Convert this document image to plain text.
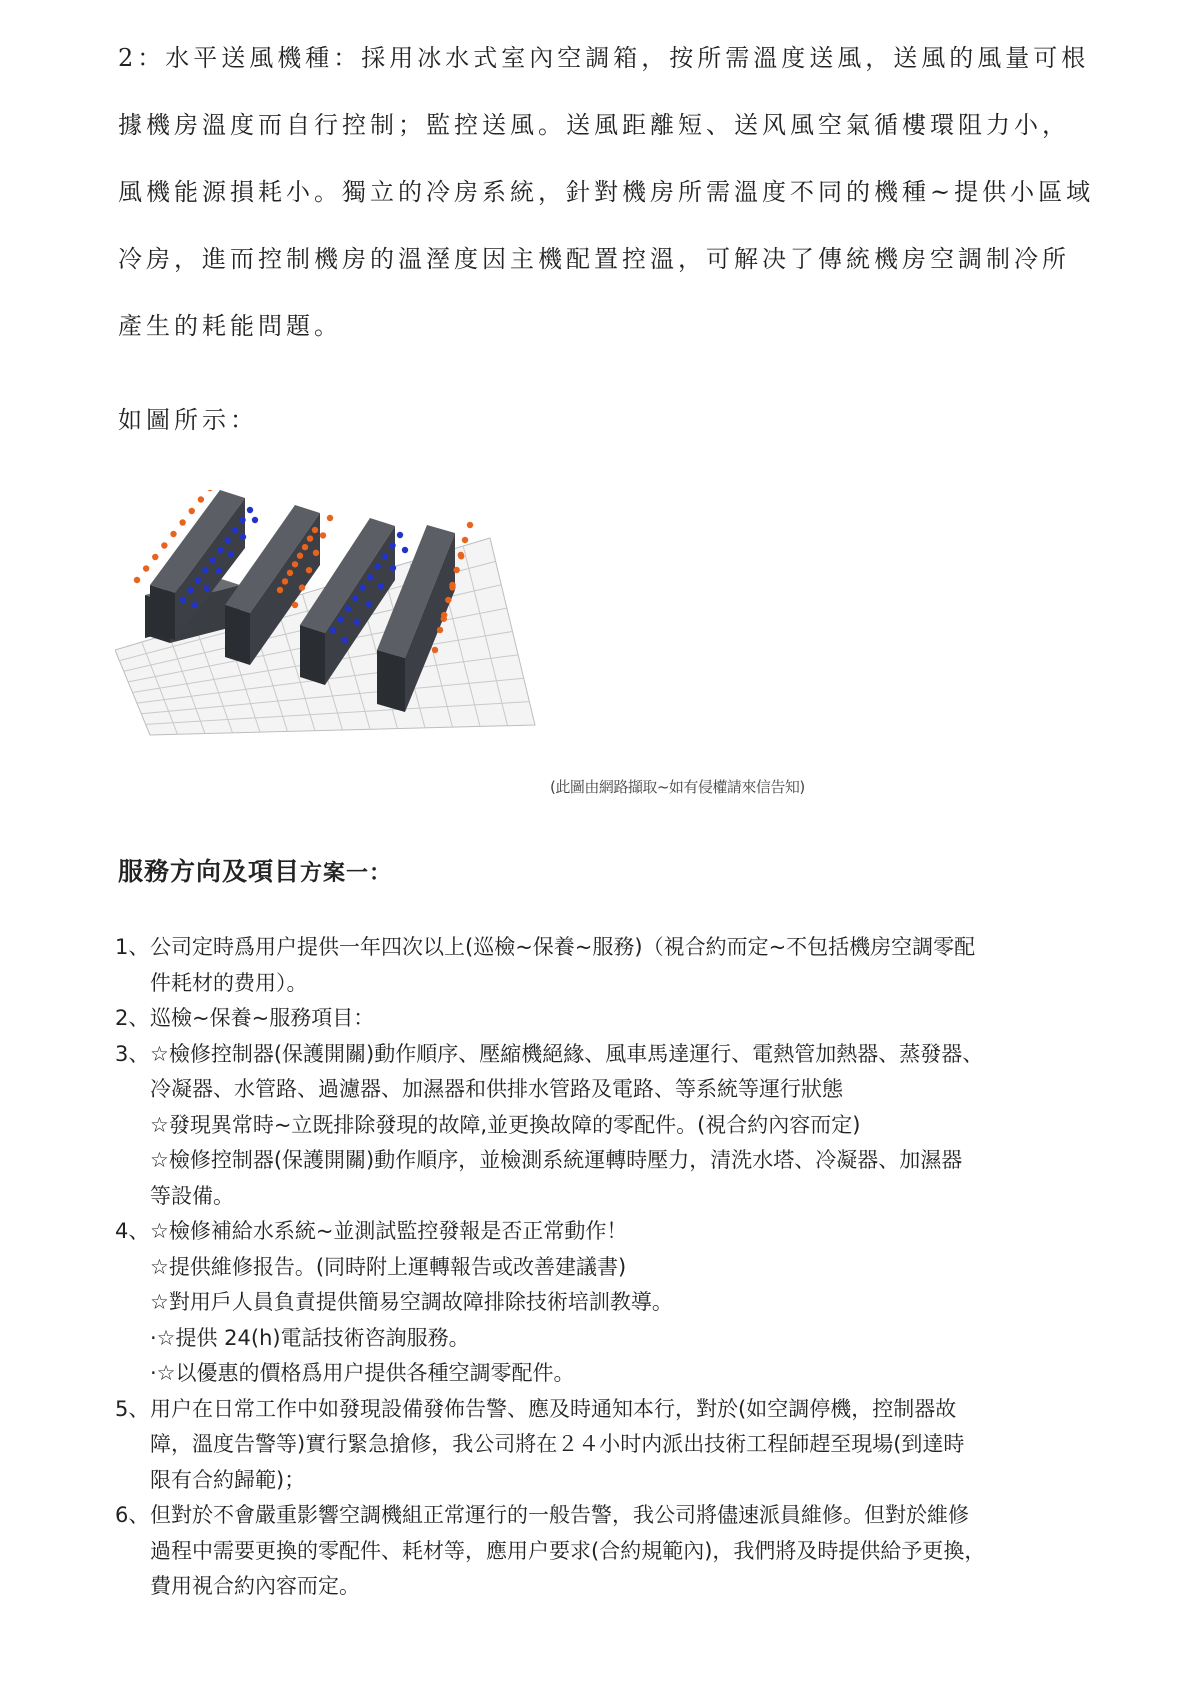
2：水平送風機種：採用冰水式室內空調箱，按所需溫度送風，送風的風量可根
據機房溫度而自行控制；監控送風。送風距離短、送风風空氣循樓環阻力小，
風機能源損耗小。獨立的冷房系統，針對機房所需溫度不同的機種~提供小區域
冷房，進而控制機房的溫溼度因主機配置控溫，可解决了傳統機房空調制冷所
產生的耗能問題。
如圖所示：
(此圖由網路擷取~如有侵權請來信告知)
服務方向及項目方案一：
1、 公司定時爲用户提供一年四次以上(巡檢~保養~服務)（視合約而定~不包括機房空調零配
件耗材的费用）。
2、 巡檢~保養~服務項目：
3、 ☆檢修控制器(保護開關)動作順序、壓縮機絕緣、風車馬達運行、電熱管加熱器、蒸發器、
冷凝器、水管路、過濾器、加濕器和供排水管路及電路、等系統等運行狀態
☆發現異常時~立既排除發現的故障,並更換故障的零配件。(視合約內容而定)
☆檢修控制器(保護開關)動作順序，並檢測系統運轉時壓力，清洗水塔、冷凝器、加濕器
等設備。
4、 ☆檢修補給水系統~並測試監控發報是否正常動作！
☆提供維修报告。(同時附上運轉報告或改善建議書)
☆對用戶人員負責提供簡易空調故障排除技術培訓教導。
·☆提供 24(h)電話技術咨詢服務。
·☆以優惠的價格爲用户提供各種空調零配件。
5、 用户在日常工作中如發現設備發佈告警、應及時通知本行，對於(如空調停機，控制器故
障，溫度告警等)實行緊急搶修，我公司將在２４小时内派出技術工程師趕至現場(到達時
限有合約歸範)；
6、 但對於不會嚴重影響空調機組正常運行的一般告警，我公司將儘速派員維修。但對於維修
過程中需要更換的零配件、耗材等，應用户要求(合約規範內)，我們將及時提供給予更換，
費用視合約內容而定。
